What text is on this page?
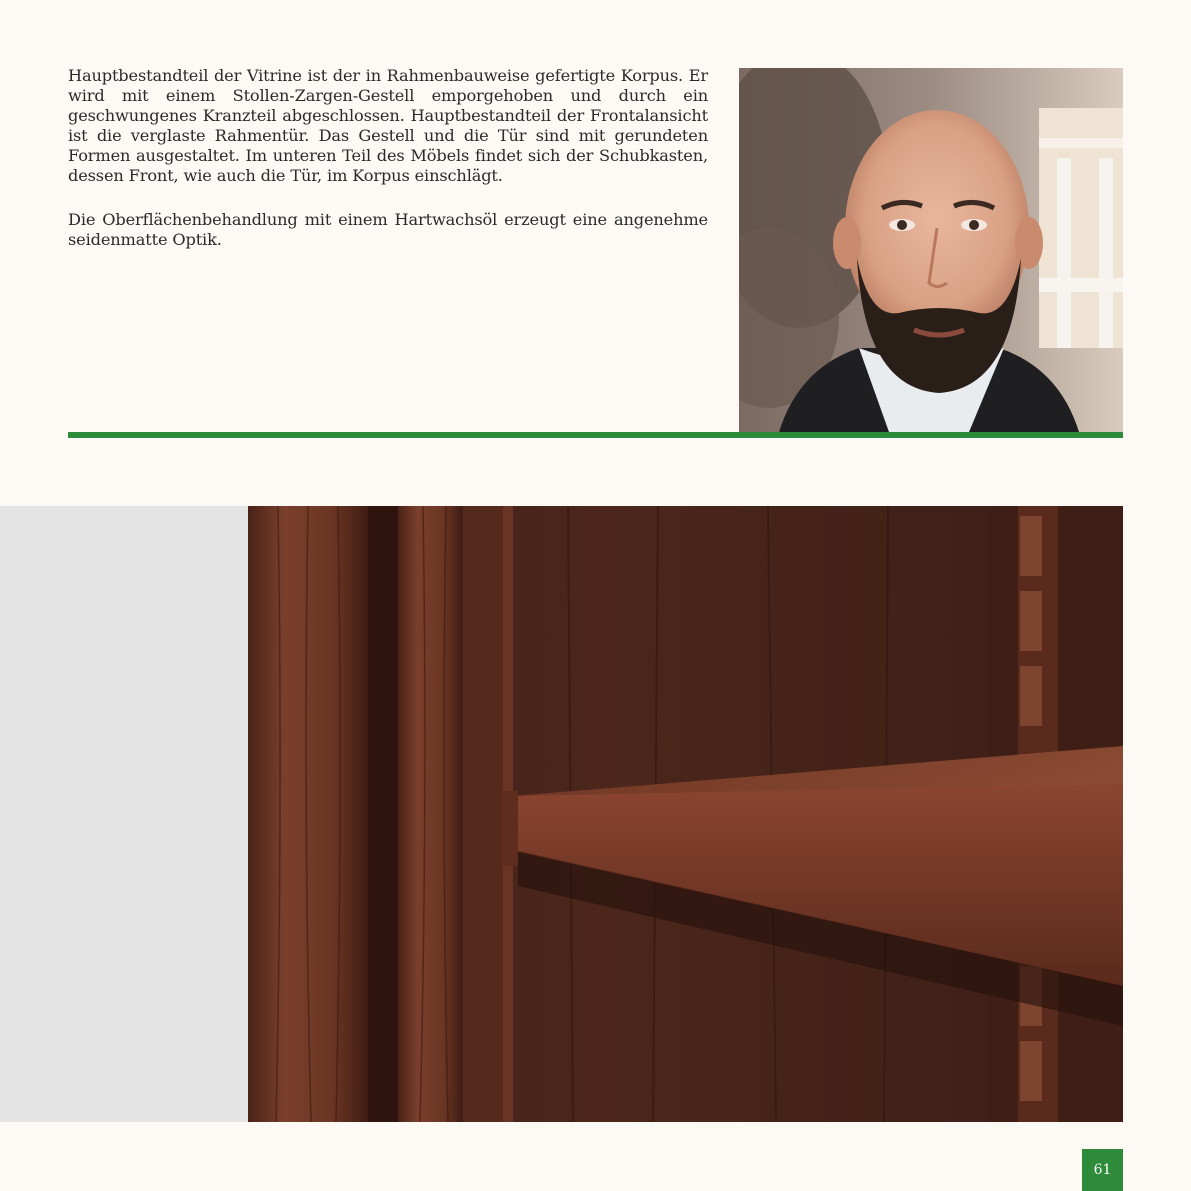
Hauptbestandteil der Vitrine ist der in Rahmenbauweise gefertigte Korpus. Er wird mit einem Stollen-Zargen-Gestell emporgehoben und durch ein geschwungenes Kranzteil abgeschlossen. Hauptbestandteil der Frontalansicht ist die verglaste Rahmentür. Das Gestell und die Tür sind mit gerundeten Formen ausgestaltet. Im unteren Teil des Möbels findet sich der Schubkasten, dessen Front, wie auch die Tür, im Korpus einschlägt.

Die Oberflächenbehandlung mit einem Hartwachsöl erzeugt eine angenehme seidenmatte Optik.

61
